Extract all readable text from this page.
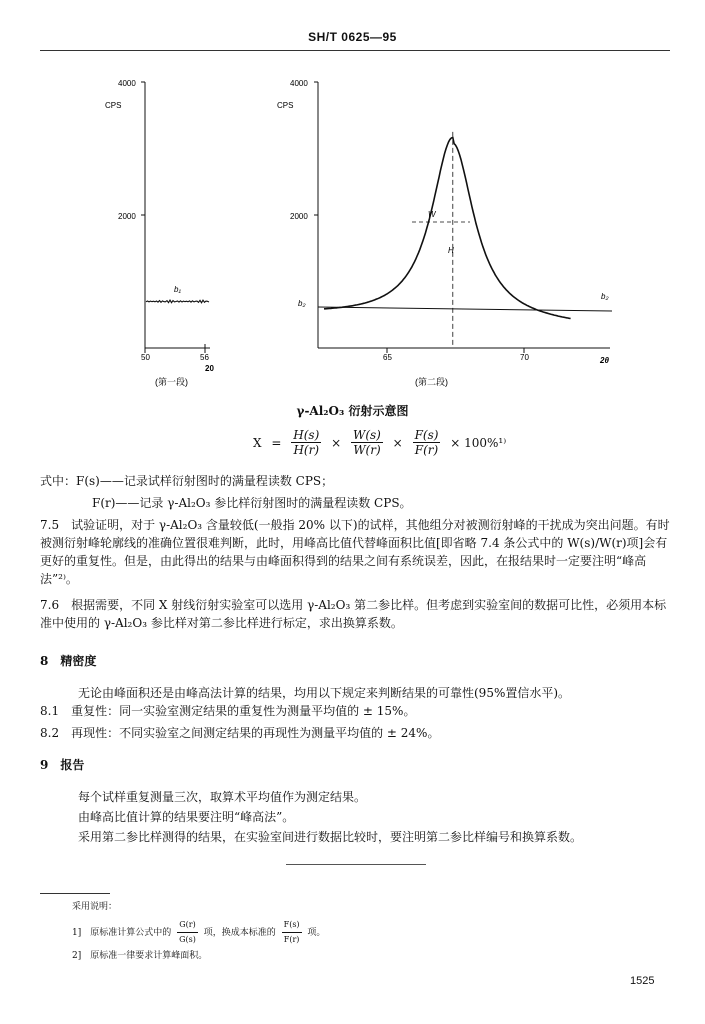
SH/T 0625—95
4000
CPS
2000
50	56
20
b₁
(第一段)
4000
CPS
2000
65	70	2θ
b₂
b₂
W
H
(第二段)
γ-Al₂O₃ 衍射示意图
$X = \frac{H(s)}{H(r)} \times \frac{W(s)}{W(r)} \times \frac{F(s)}{F(r)} \times 100\%^{1)}$
式中：F(s)——记录试样衍射图时的满量程读数 CPS；
F(r)——记录 γ-Al₂O₃ 参比样衍射图时的满量程读数 CPS。
7.5　试验证明，对于 γ-Al₂O₃ 含量较低(一般指 20% 以下)的试样，其他组分对被测衍射峰的干扰成为突出问题。有时被测衍射峰轮廓线的准确位置很难判断，此时，用峰高比值代替峰面积比值[即省略 7.4 条公式中的 W(s)/W(r)项]会有更好的重复性。但是，由此得出的结果与由峰面积得到的结果之间有系统误差，因此，在报结果时一定要注明“峰高法”²⁾。
7.6　根据需要，不同 X 射线衍射实验室可以选用 γ-Al₂O₃ 第二参比样。但考虑到实验室间的数据可比性，必须用本标准中使用的 γ-Al₂O₃ 参比样对第二参比样进行标定，求出换算系数。
8　精密度
无论由峰面积还是由峰高法计算的结果，均用以下规定来判断结果的可靠性(95%置信水平)。
8.1　重复性：同一实验室测定结果的重复性为测量平均值的 ± 15%。
8.2　再现性：不同实验室之间测定结果的再现性为测量平均值的 ± 24%。
9　报告
每个试样重复测量三次，取算术平均值作为测定结果。
由峰高比值计算的结果要注明“峰高法”。
采用第二参比样测得的结果，在实验室间进行数据比较时，要注明第二参比样编号和换算系数。
采用说明：
1]　原标准计算公式中的 $\frac{G(r)}{G(s)}$ 项，换成本标准的 $\frac{F(s)}{F(r)}$ 项。
2]　原标准一律要求计算峰面积。
1525
